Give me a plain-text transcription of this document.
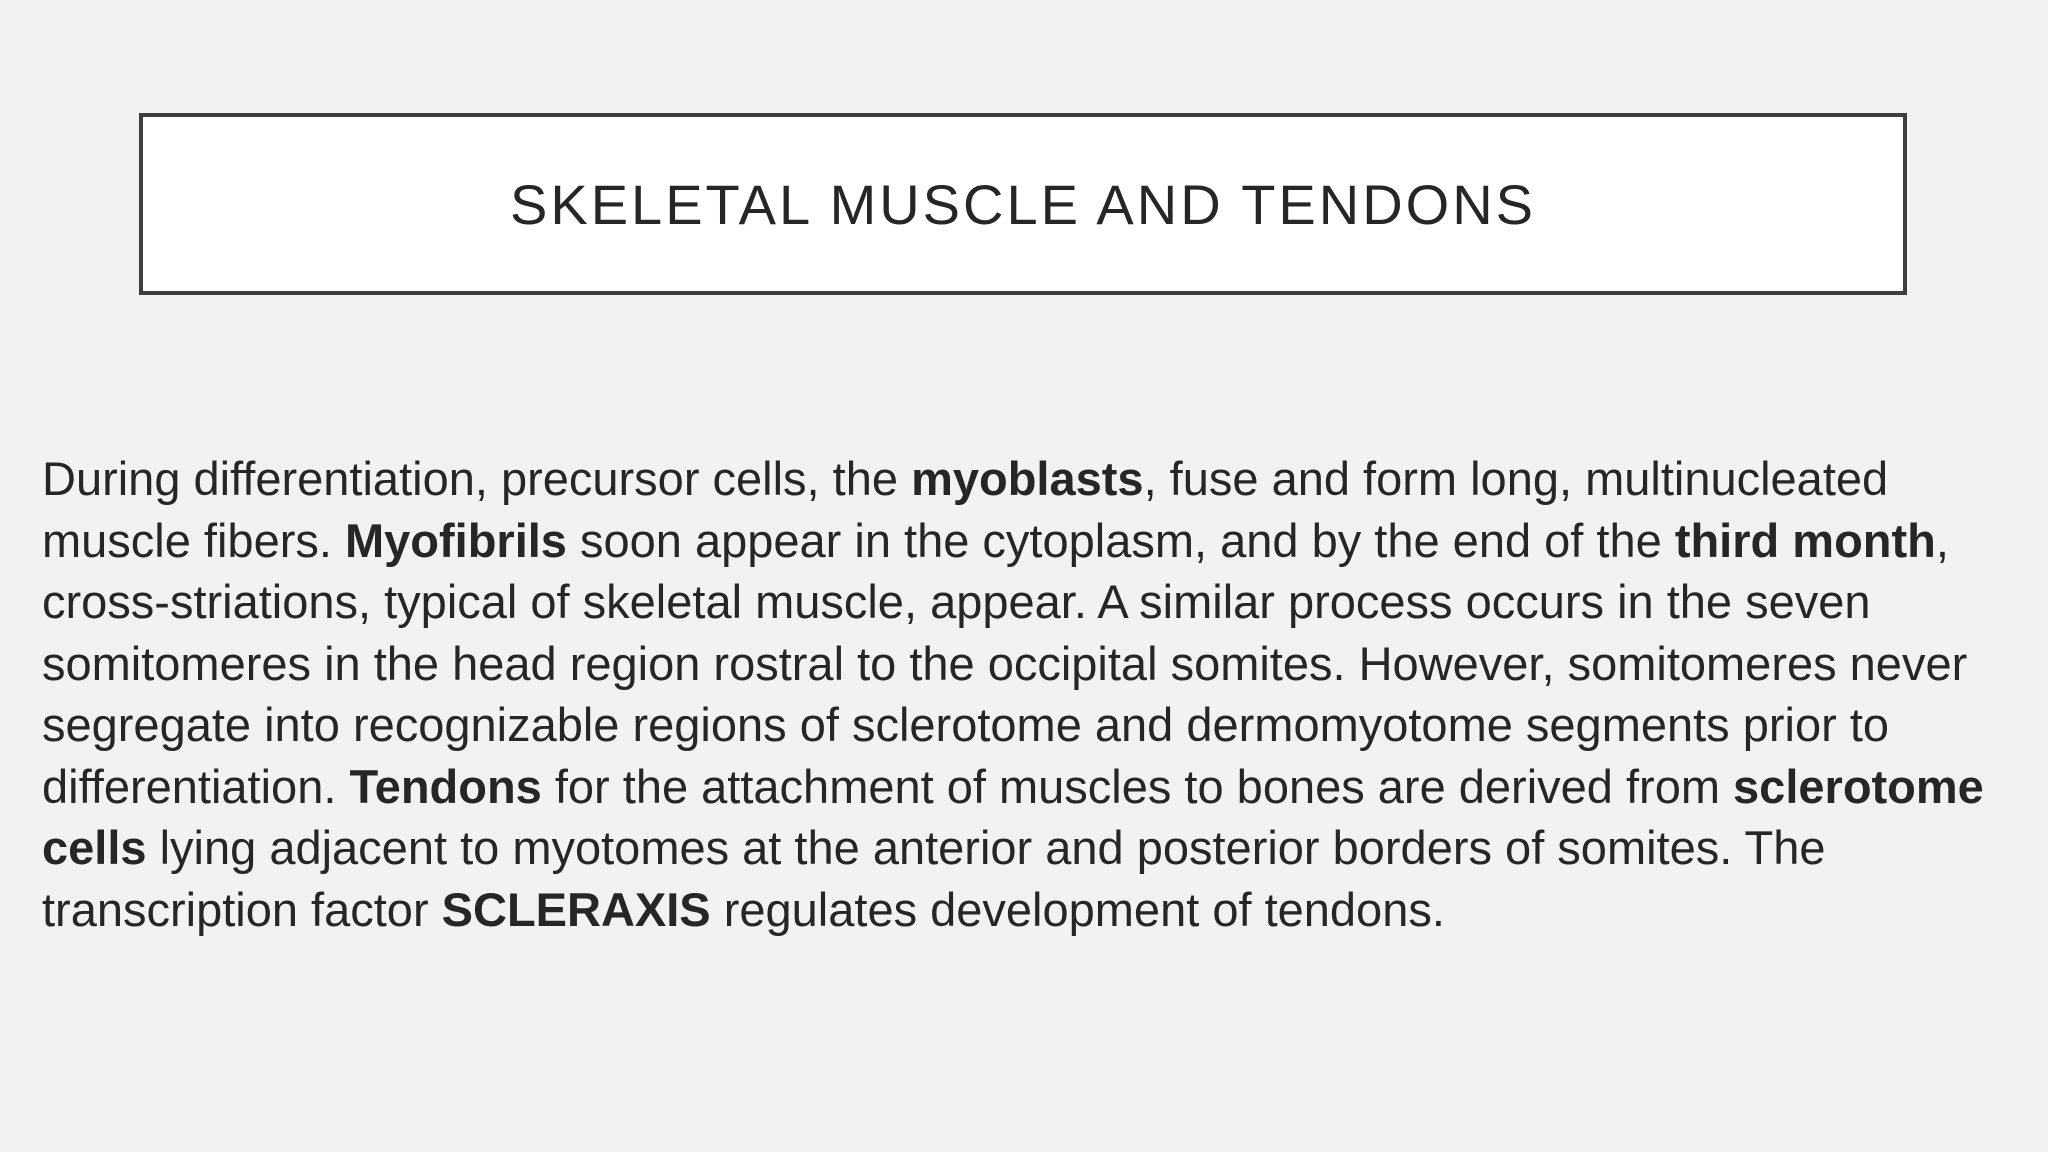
SKELETAL MUSCLE AND TENDONS

During differentiation, precursor cells, the myoblasts, fuse and form long, multinucleated muscle fibers. Myofibrils soon appear in the cytoplasm, and by the end of the third month, cross-striations, typical of skeletal muscle, appear. A similar process occurs in the seven somitomeres in the head region rostral to the occipital somites. However, somitomeres never segregate into recognizable regions of sclerotome and dermomyotome segments prior to differentiation. Tendons for the attachment of muscles to bones are derived from sclerotome cells lying adjacent to myotomes at the anterior and posterior borders of somites. The transcription factor SCLERAXIS regulates development of tendons.
